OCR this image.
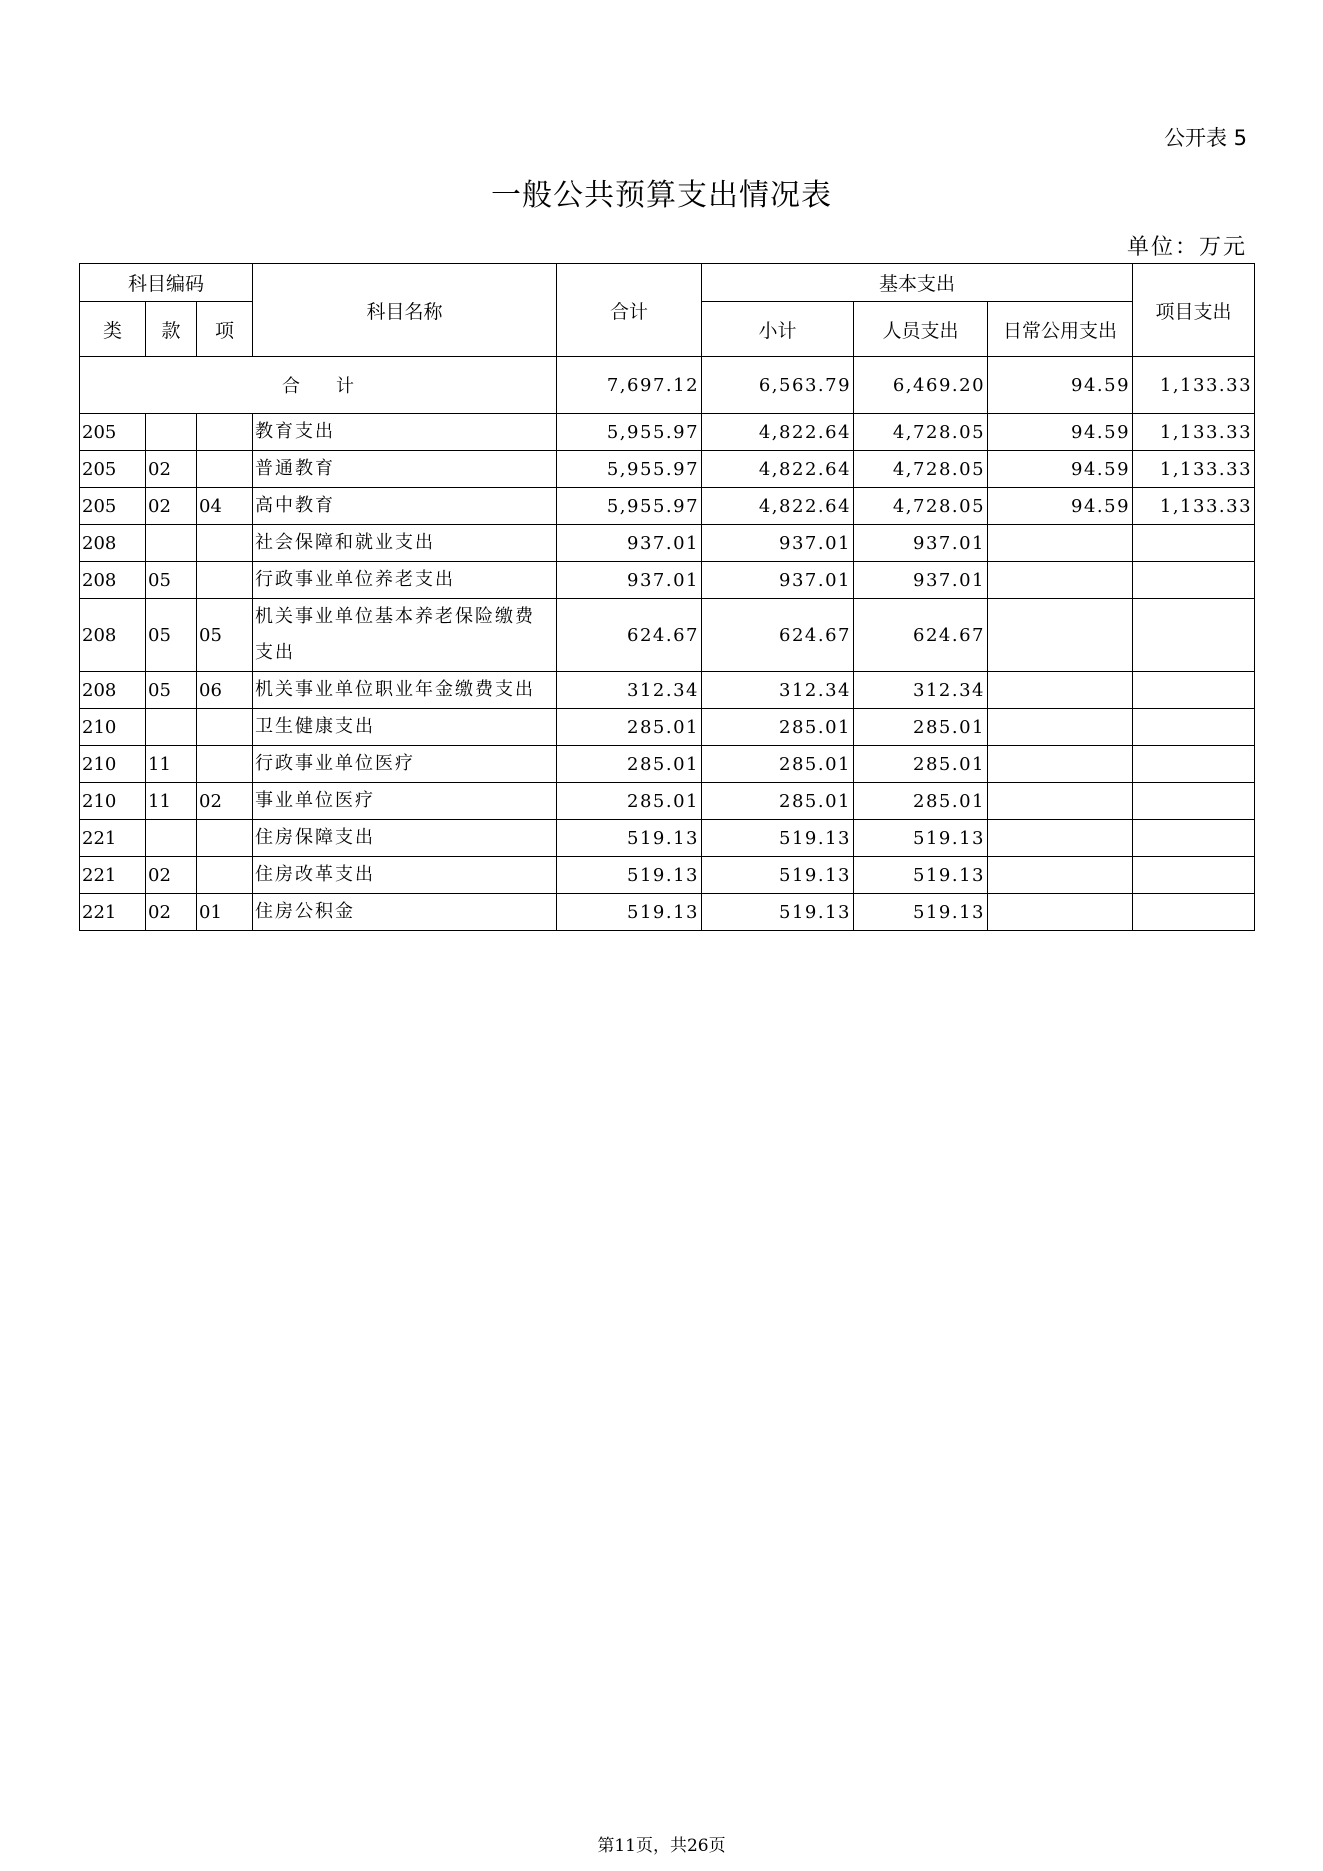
公开表 5
一般公共预算支出情况表
单位：万元
科目编码			科目名称	合计	基本支出			项目支出
类	款	项			小计	人员支出	日常公用支出	
合　　计				7,697.12	6,563.79	6,469.20	94.59	1,133.33
205			教育支出	5,955.97	4,822.64	4,728.05	94.59	1,133.33
205	02		普通教育	5,955.97	4,822.64	4,728.05	94.59	1,133.33
205	02	04	高中教育	5,955.97	4,822.64	4,728.05	94.59	1,133.33
208			社会保障和就业支出	937.01	937.01	937.01		
208	05		行政事业单位养老支出	937.01	937.01	937.01		
208	05	05	机关事业单位基本养老保险缴费支出	624.67	624.67	624.67		
208	05	06	机关事业单位职业年金缴费支出	312.34	312.34	312.34		
210			卫生健康支出	285.01	285.01	285.01		
210	11		行政事业单位医疗	285.01	285.01	285.01		
210	11	02	事业单位医疗	285.01	285.01	285.01		
221			住房保障支出	519.13	519.13	519.13		
221	02		住房改革支出	519.13	519.13	519.13		
221	02	01	住房公积金	519.13	519.13	519.13		
第11页，共26页
